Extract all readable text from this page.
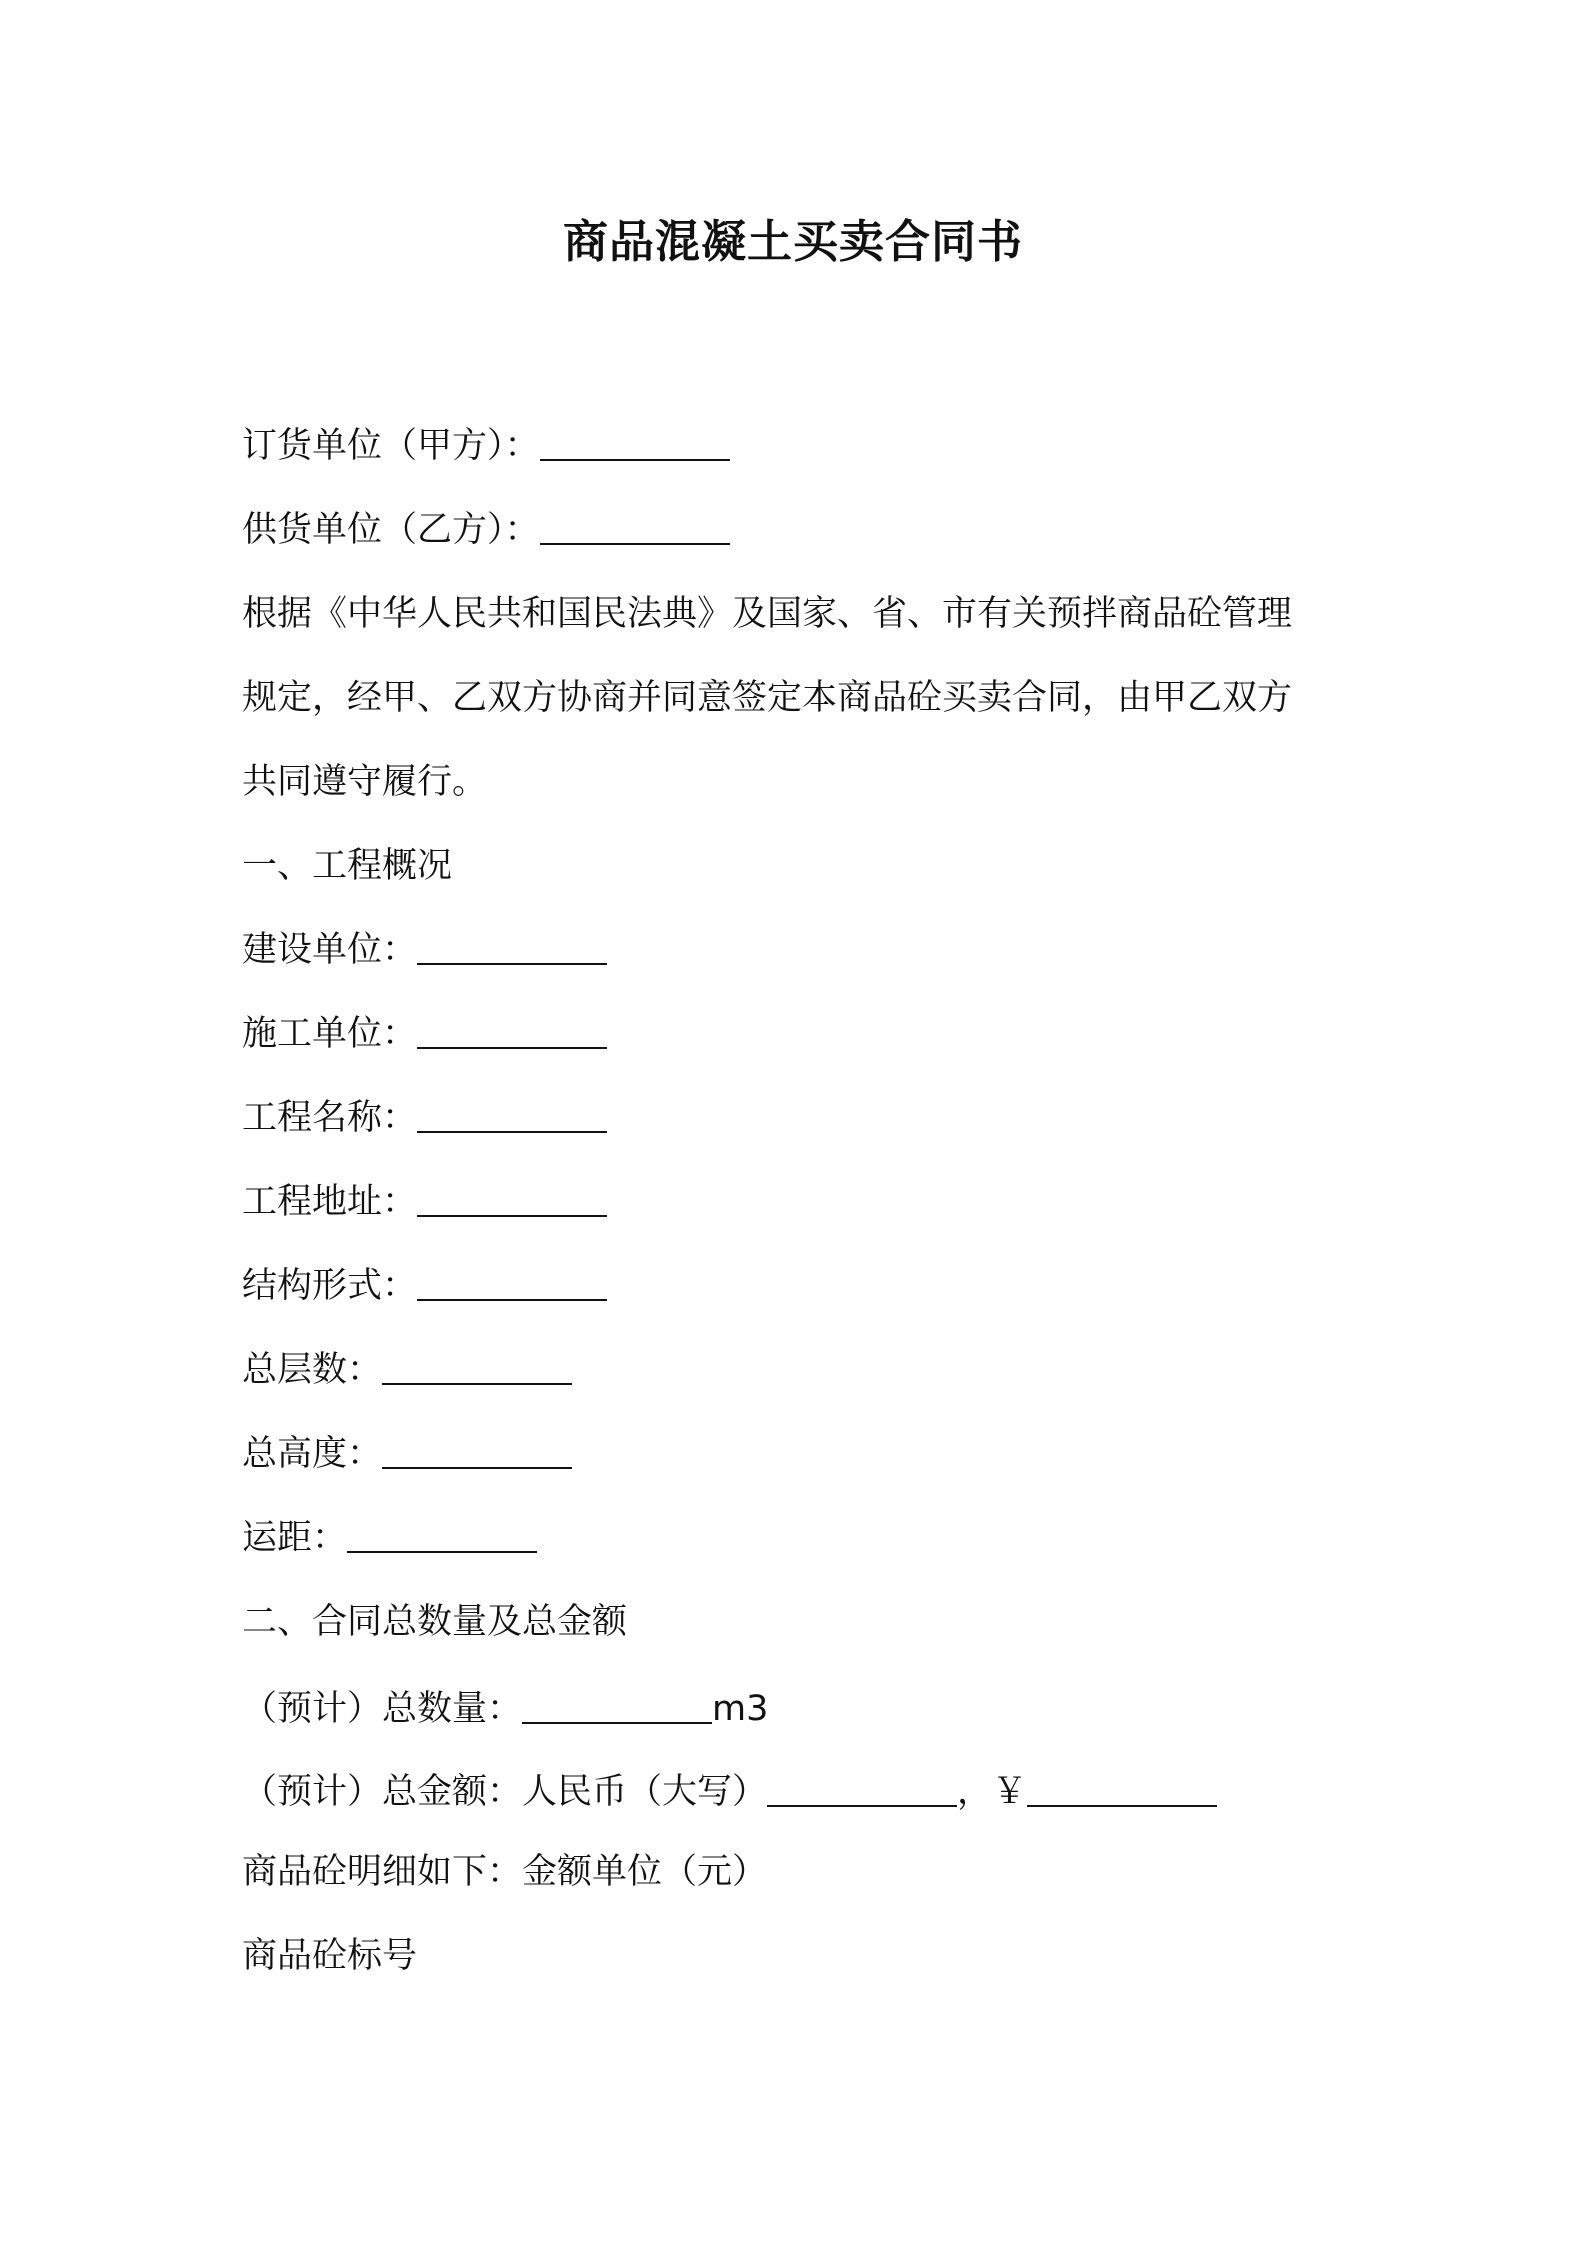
商品混凝土买卖合同书
订货单位（甲方）：
供货单位（乙方）：
根据《中华人民共和国民法典》及国家、省、市有关预拌商品砼管理
规定，经甲、乙双方协商并同意签定本商品砼买卖合同，由甲乙双方
共同遵守履行。
一、工程概况
建设单位：
施工单位：
工程名称：
工程地址：
结构形式：
总层数：
总高度：
运距：
二、合同总数量及总金额
（预计）总数量：	m3
（预计）总金额：人民币（大写）	，￥
商品砼明细如下：金额单位（元）
商品砼标号
